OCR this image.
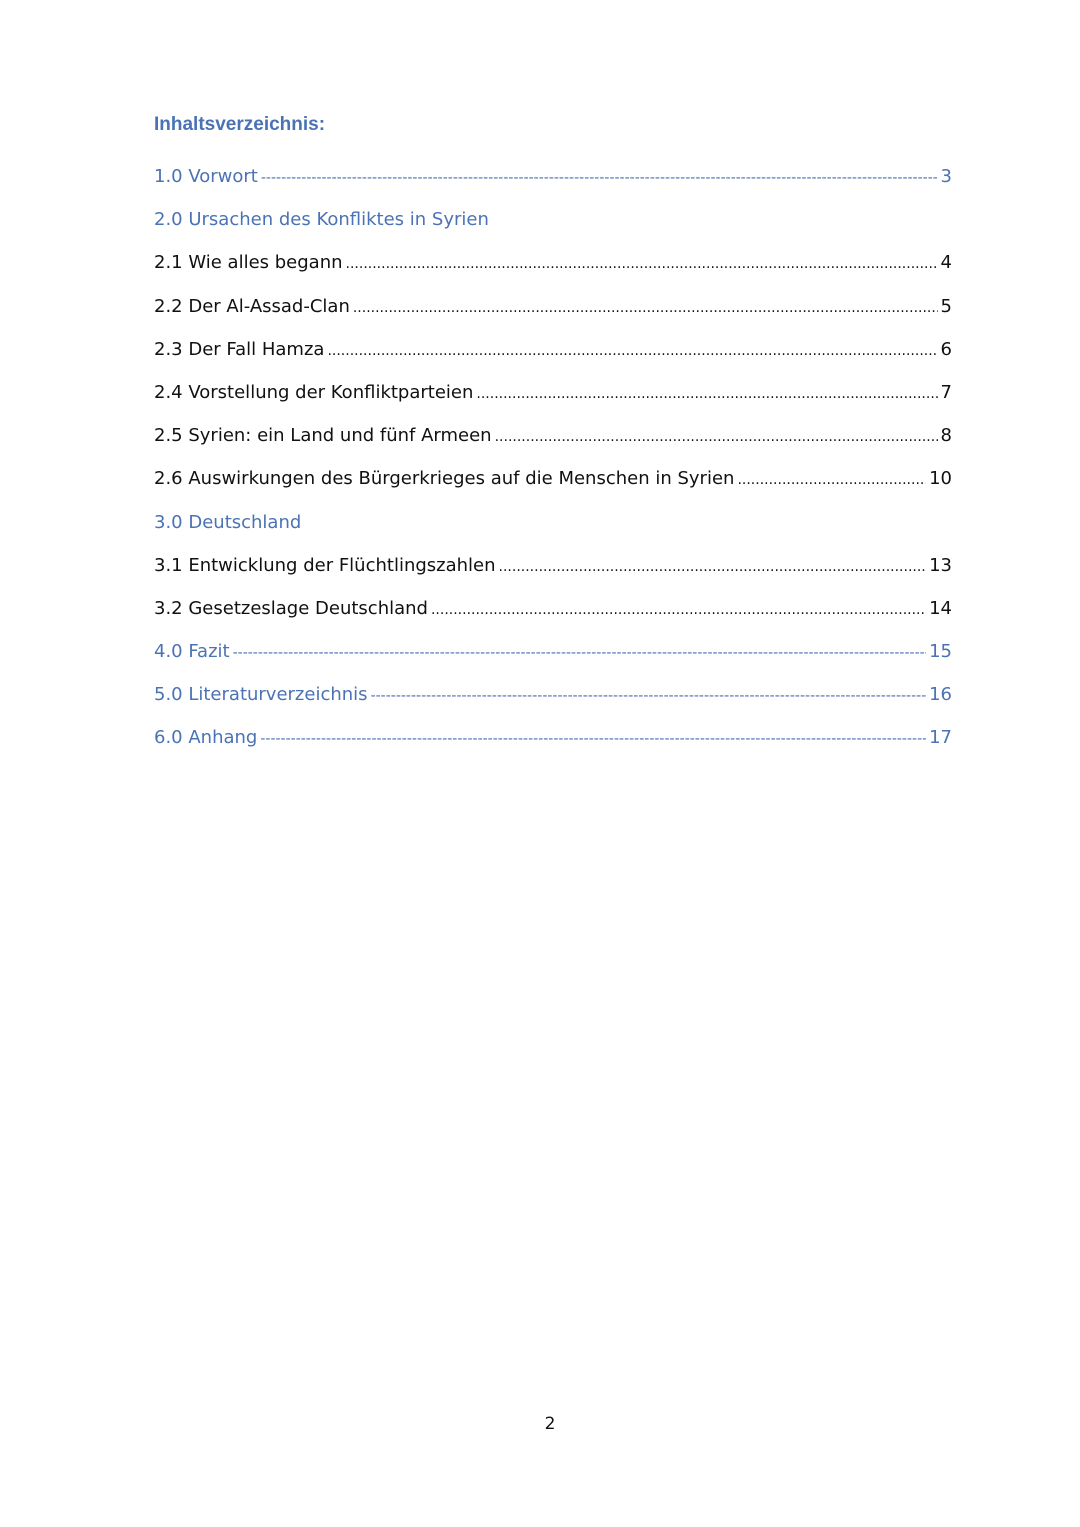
Inhaltsverzeichnis:
1.0 Vorwort -----	3
2.0 Ursachen des Konfliktes in Syrien
2.1 Wie alles begann .....	4
2.2 Der Al-Assad-Clan .....	5
2.3 Der Fall Hamza .....	6
2.4 Vorstellung der Konfliktparteien .....	7
2.5 Syrien: ein Land und fünf Armeen .....	8
2.6 Auswirkungen des Bürgerkrieges auf die Menschen in Syrien .....	10
3.0 Deutschland
3.1 Entwicklung der Flüchtlingszahlen .....	13
3.2 Gesetzeslage Deutschland .....	14
4.0 Fazit -----	15
5.0 Literaturverzeichnis -----	16
6.0 Anhang -----	17
2
